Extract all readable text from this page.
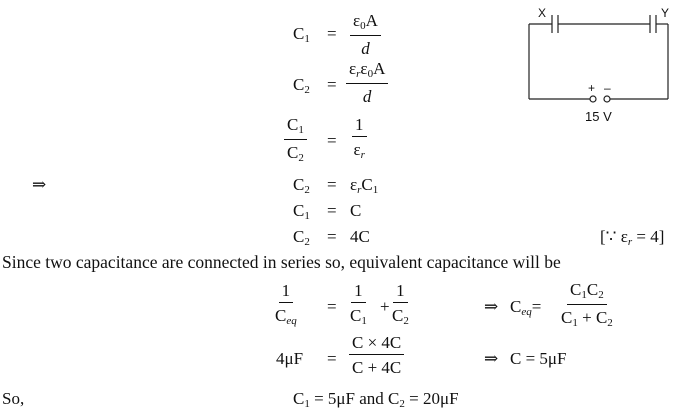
X	Y
+ –
15 V
$C_1 = \frac{\varepsilon_0A}{d}$
$C_2$ =
$\varepsilon_r\varepsilon_0A$
d
$\frac{C_1}{C_2} = \frac{1}{\varepsilon_r}$
⇒	$C_2 = \varepsilon_rC_1$
$C_1 = C$
$C_2 = 4C$	[∵ $\varepsilon_r = 4$]
Since two capacitance are connected in series so, equivalent capacitance will be
1
$C_{eq}$
= $\frac{1}{C_1} + \frac{1}{C_2}$	⇒ $C_{eq}= \frac{C_1C_2}{C_1 + C_2}$
$4\mu F = \frac{C \times 4C}{C + 4C}$	⇒ C = 5μF
So,	$C_1 = 5\mu F$ and $C_2 = 20\mu F$
